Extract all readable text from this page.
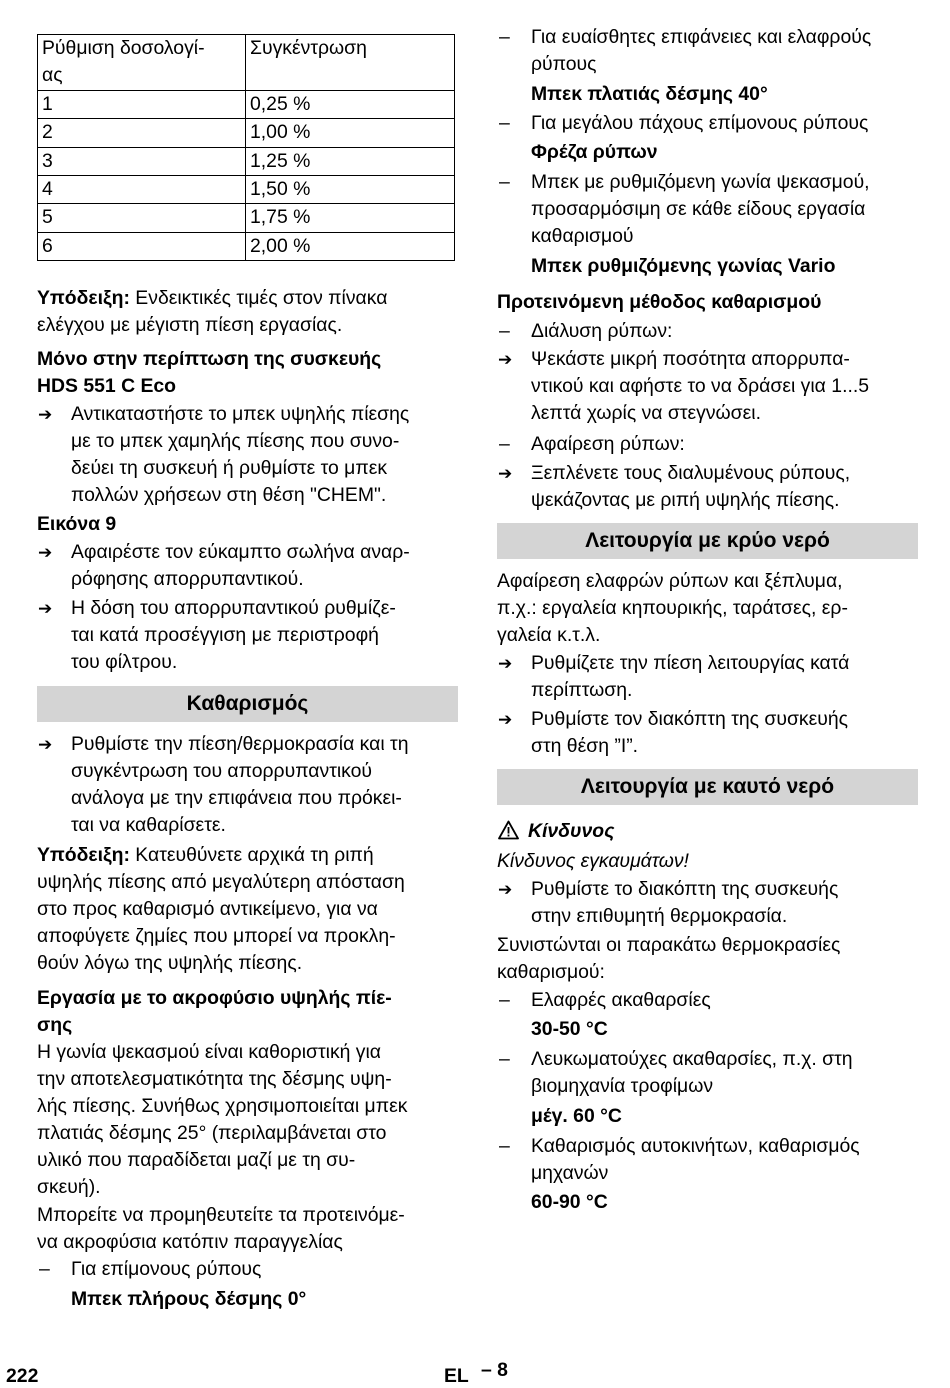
Ρύθμιση δοσολογί-
ας	Συγκέντρωση
1	0,25 %
2	1,00 %
3	1,25 %
4	1,50 %
5	1,75 %
6	2,00 %
Υπόδειξη: Ενδεικτικές τιμές στον πίνακα
ελέγχου με μέγιστη πίεση εργασίας.
Μόνο στην περίπτωση της συσκευής
HDS 551 C Eco
➔ Αντικαταστήστε το μπεκ υψηλής πίεσης
με το μπεκ χαμηλής πίεσης που συνο-
δεύει τη συσκευή ή ρυθμίστε το μπεκ
πολλών χρήσεων στη θέση "CHEM".
Εικόνα 9
➔ Αφαιρέστε τον εύκαμπτο σωλήνα αναρ-
ρόφησης απορρυπαντικού.
➔ Η δόση του απορρυπαντικού ρυθμίζε-
ται κατά προσέγγιση με περιστροφή
του φίλτρου.
Καθαρισμός
➔ Ρυθμίστε την πίεση/θερμοκρασία και τη
συγκέντρωση του απορρυπαντικού
ανάλογα με την επιφάνεια που πρόκει-
ται να καθαρίσετε.
Υπόδειξη: Κατευθύνετε αρχικά τη ριπή
υψηλής πίεσης από μεγαλύτερη απόσταση
στο προς καθαρισμό αντικείμενο, για να
αποφύγετε ζημίες που μπορεί να προκλη-
θούν λόγω της υψηλής πίεσης.
Εργασία με το ακροφύσιο υψηλής πίε-
σης
Η γωνία ψεκασμού είναι καθοριστική για
την αποτελεσματικότητα της δέσμης υψη-
λής πίεσης. Συνήθως χρησιμοποιείται μπεκ
πλατιάς δέσμης 25° (περιλαμβάνεται στο
υλικό που παραδίδεται μαζί με τη συ-
σκευή).
Μπορείτε να προμηθευτείτε τα προτεινόμε-
να ακροφύσια κατόπιν παραγγελίας
– Για επίμονους ρύπους
Μπεκ πλήρους δέσμης 0°
– Για ευαίσθητες επιφάνειες και ελαφρούς
ρύπους
Μπεκ πλατιάς δέσμης 40°
– Για μεγάλου πάχους επίμονους ρύπους
Φρέζα ρύπων
– Μπεκ με ρυθμιζόμενη γωνία ψεκασμού,
προσαρμόσιμη σε κάθε είδους εργασία
καθαρισμού
Μπεκ ρυθμιζόμενης γωνίας Vario
Προτεινόμενη μέθοδος καθαρισμού
– Διάλυση ρύπων:
➔ Ψεκάστε μικρή ποσότητα απορρυπα-
ντικού και αφήστε το να δράσει για 1...5
λεπτά χωρίς να στεγνώσει.
– Αφαίρεση ρύπων:
➔ Ξεπλένετε τους διαλυμένους ρύπους,
ψεκάζοντας με ριπή υψηλής πίεσης.
Λειτουργία με κρύο νερό
Αφαίρεση ελαφρών ρύπων και ξέπλυμα,
π.χ.: εργαλεία κηπουρικής, ταράτσες, ερ-
γαλεία κ.τ.λ.
➔ Ρυθμίζετε την πίεση λειτουργίας κατά
περίπτωση.
➔ Ρυθμίστε τον διακόπτη της συσκευής
στη θέση ”I”.
Λειτουργία με καυτό νερό
Κίνδυνος
Κίνδυνος εγκαυμάτων!
➔ Ρυθμίστε το διακόπτη της συσκευής
στην επιθυμητή θερμοκρασία.
Συνιστώνται οι παρακάτω θερμοκρασίες
καθαρισμού:
– Ελαφρές ακαθαρσίες
30-50 °C
– Λευκωματούχες ακαθαρσίες, π.χ. στη
βιομηχανία τροφίμων
μέγ. 60 °C
– Καθαρισμός αυτοκινήτων, καθαρισμός
μηχανών
60-90 °C
222	EL – 8
